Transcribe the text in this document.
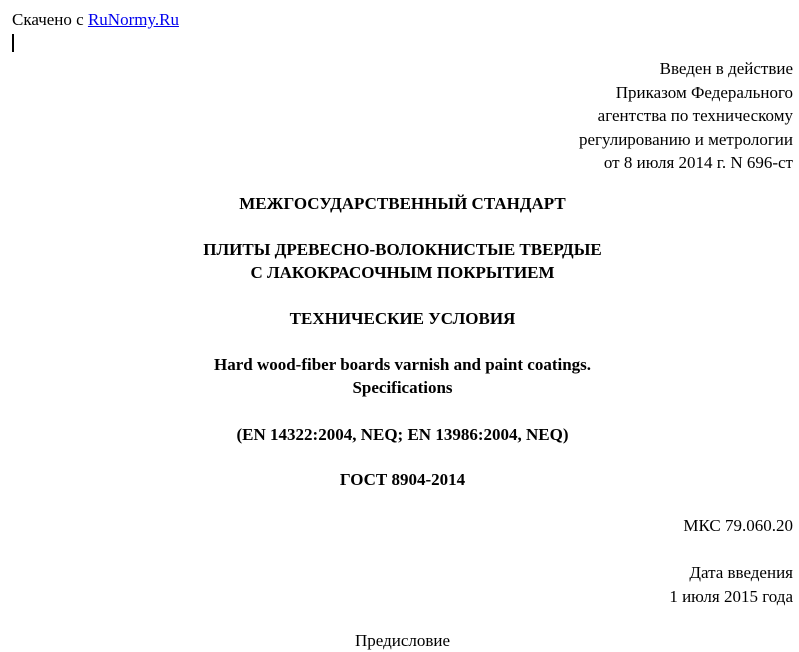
Скачено с RuNormy.Ru
Введен в действие
Приказом Федерального
агентства по техническому
регулированию и метрологии
от 8 июля 2014 г. N 696-ст
МЕЖГОСУДАРСТВЕННЫЙ СТАНДАРТ
ПЛИТЫ ДРЕВЕСНО-ВОЛОКНИСТЫЕ ТВЕРДЫЕ
С ЛАКОКРАСОЧНЫМ ПОКРЫТИЕМ
ТЕХНИЧЕСКИЕ УСЛОВИЯ
Hard wood-fiber boards varnish and paint coatings.
Specifications
(EN 14322:2004, NEQ; EN 13986:2004, NEQ)
ГОСТ 8904-2014
МКС 79.060.20
Дата введения
1 июля 2015 года
Предисловие
